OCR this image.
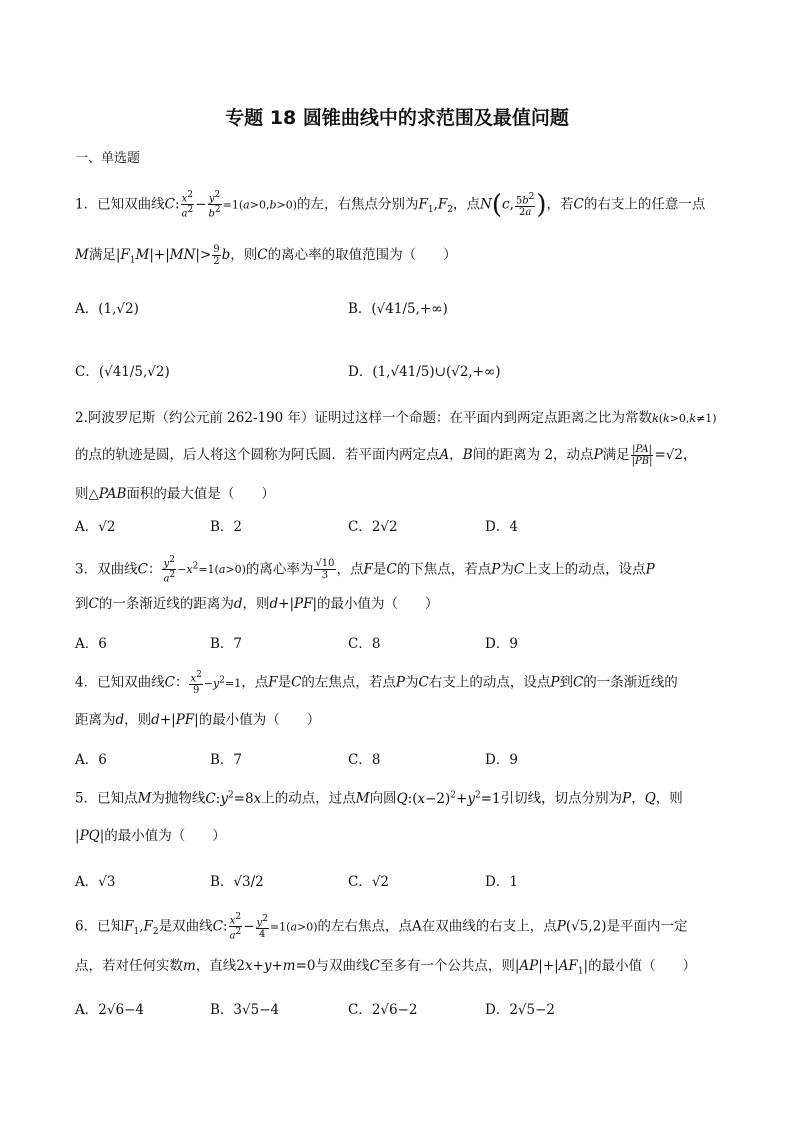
专题 18 圆锥曲线中的求范围及最值问题
一、单选题
1．已知双曲线C: $\frac{x^2}{a^2} - \frac{y^2}{b^2} =1(a>0,b>0)$的左，右焦点分别为$F_1,F_2$，点N(c, $\frac{5b^2}{2a}$ )，若C的右支上的任意一点
M满足$|F_1M|+|MN|> \frac{9}{2}$ b，则C的离心率的取值范围为（　　）
A．(1,√2)	B．(√41/5,+∞)
C．(√41/5,√2)	D．(1,√41/5)∪(√2,+∞)
2.阿波罗尼斯（约公元前 262-190 年）证明过这样一个命题：在平面内到两定点距离之比为常数k(k>0,k≠1)
的点的轨迹是圆，后人将这个圆称为阿氏圆．若平面内两定点A，B间的距离为 2，动点P满足 $\frac{|PA|}{|PB|} =√2$，
则△PAB面积的最大值是（　　）
A．√2	B．2	C．2√2	D．4
3．双曲线C： $\frac{y^2}{a^2} -x^2=1(a>0)$的离心率为 $\frac{√10}{3}$ ，点F是C的下焦点，若点P为C上支上的动点，设点P
到C的一条渐近线的距离为d，则d+|PF|的最小值为（　　）
A．6	B．7	C．8	D．9
4．已知双曲线C： $\frac{x^2}{9} -y^2=1$，点F是C的左焦点，若点P为C右支上的动点，设点P到C的一条渐近线的
距离为d，则d+|PF|的最小值为（　　）
A．6	B．7	C．8	D．9
5．已知点M为抛物线$C:y^2=8x$上的动点，过点M向圆$Q:(x-2)^2+y^2=1$引切线，切点分别为P，Q，则
|PQ|的最小值为（　　）
A．√3	B．√3/2	C．√2	D．1
6．已知$F_1,F_2$是双曲线C: $\frac{x^2}{a^2} - \frac{y^2}{4} =1(a>0)$的左右焦点，点A在双曲线的右支上，点P(√5,2)是平面内一定
点，若对任何实数m，直线2x+y+m=0与双曲线C至多有一个公共点，则$|AP|+|AF_1|$的最小值（　　）
A．2√6−4	B．3√5−4	C．2√6−2	D．2√5−2
